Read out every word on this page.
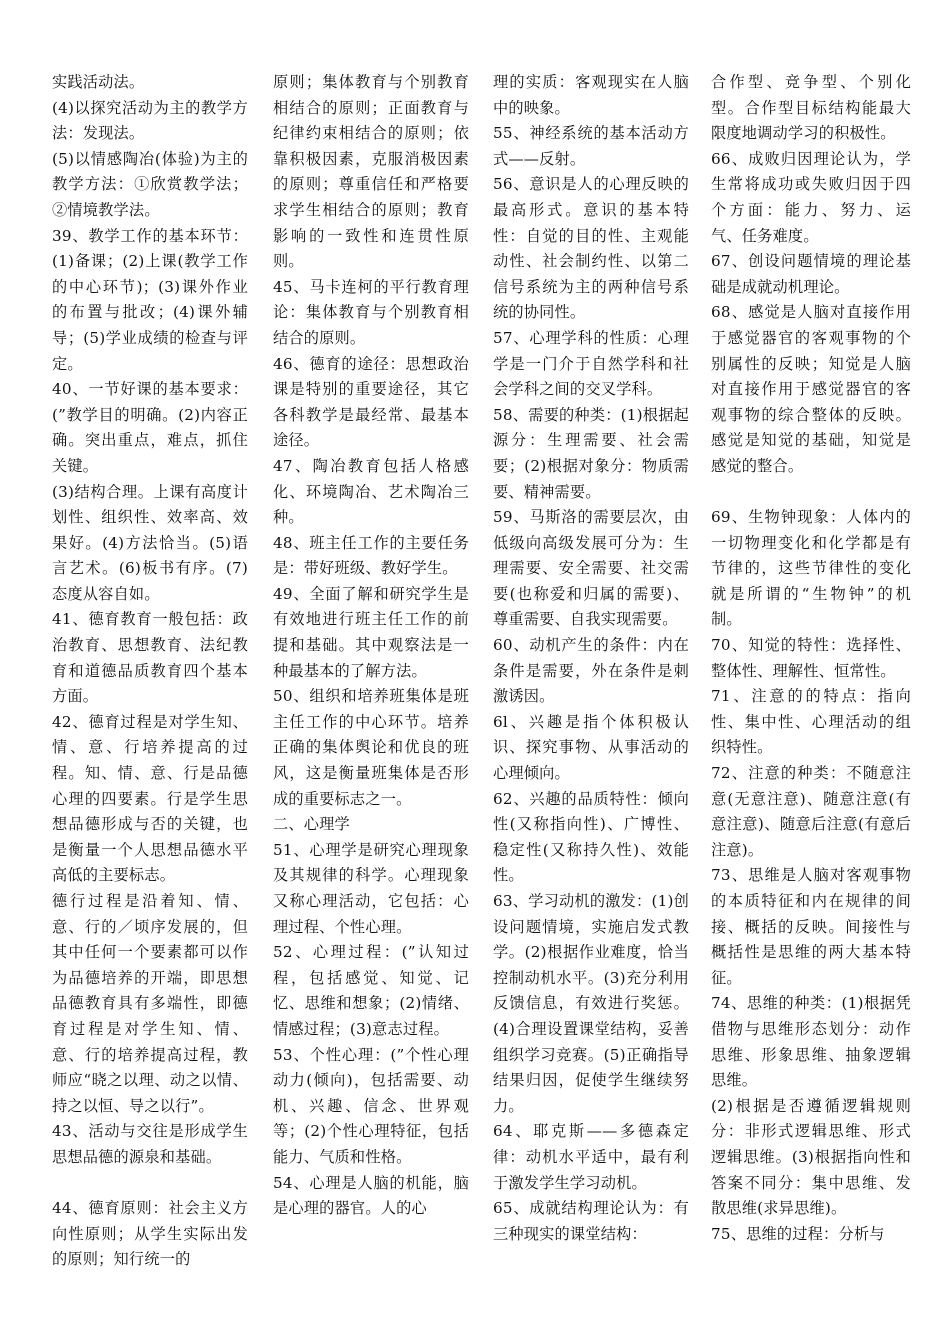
实践活动法。

(4)以探究活动为主的教学方法：发现法。

(5)以情感陶冶(体验)为主的教学方法：①欣赏教学法；②情境教学法。

39、教学工作的基本环节：(1)备课；(2)上课(教学工作的中心环节)；(3)课外作业的布置与批改；(4)课外辅导；(5)学业成绩的检查与评定。

40、一节好课的基本要求：(”教学目的明确。(2)内容正确。突出重点，难点，抓住关键。

(3)结构合理。上课有高度计划性、组织性、效率高、效果好。(4)方法恰当。(5)语言艺术。(6)板书有序。(7)态度从容自如。

41、德育教育一般包括：政治教育、思想教育、法纪教育和道德品质教育四个基本方面。

42、德育过程是对学生知、情、意、行培养提高的过程。知、情、意、行是品德心理的四要素。行是学生思想品德形成与否的关键，也是衡量一个人思想品德水平高低的主要标志。

德行过程是沿着知、情、意、行的／顷序发展的，但其中任何一个要素都可以作为品德培养的开端，即思想品德教育具有多端性，即德育过程是对学生知、情、意、行的培养提高过程，教师应“晓之以理、动之以情、持之以恒、导之以行”。

43、活动与交往是形成学生思想品德的源泉和基础。

44、德育原则：社会主义方向性原则；从学生实际出发的原则；知行统一的

原则；集体教育与个别教育相结合的原则；正面教育与纪律约束相结合的原则；依靠积极因素，克服消极因素的原则；尊重信任和严格要求学生相结合的原则；教育影响的一致性和连贯性原则。

45、马卡连柯的平行教育理论：集体教育与个别教育相结合的原则。

46、德育的途径：思想政治课是特别的重要途径，其它各科教学是最经常、最基本途径。

47、陶冶教育包括人格感化、环境陶冶、艺术陶冶三种。

48、班主任工作的主要任务是：带好班级、教好学生。

49、全面了解和研究学生是有效地进行班主任工作的前提和基础。其中观察法是一种最基本的了解方法。

50、组织和培养班集体是班主任工作的中心环节。培养正确的集体舆论和优良的班风，这是衡量班集体是否形成的重要标志之一。

二、心理学

51、心理学是研究心理现象及其规律的科学。心理现象又称心理活动，它包括：心理过程、个性心理。

52、心理过程：(”认知过程，包括感觉、知觉、记忆、思维和想象；(2)情绪、情感过程；(3)意志过程。

53、个性心理：(”个性心理动力(倾向)，包括需要、动机、兴趣、信念、世界观等；(2)个性心理特征，包括能力、气质和性格。

54、心理是人脑的机能，脑是心理的器官。人的心

理的实质：客观现实在人脑中的映象。

55、神经系统的基本活动方式——反射。

56、意识是人的心理反映的最高形式。意识的基本特性：自觉的目的性、主观能动性、社会制约性、以第二信号系统为主的两种信号系统的协同性。

57、心理学科的性质：心理学是一门介于自然学科和社会学科之间的交叉学科。

58、需要的种类：(1)根据起源分：生理需要、社会需要；(2)根据对象分：物质需要、精神需要。

59、马斯洛的需要层次，由低级向高级发展可分为：生理需要、安全需要、社交需要(也称爱和归属的需要)、尊重需要、自我实现需要。

60、动机产生的条件：内在条件是需要，外在条件是刺激诱因。

6l、兴趣是指个体积极认识、探究事物、从事活动的心理倾向。

62、兴趣的品质特性：倾向性(又称指向性)、广博性、稳定性(又称持久性)、效能性。

63、学习动机的激发：(1)创设问题情境，实施启发式教学。(2)根据作业难度，恰当控制动机水平。(3)充分利用反馈信息，有效进行奖惩。(4)合理设置课堂结构，妥善组织学习竞赛。(5)正确指导结果归因，促使学生继续努力。

64、耶克斯——多德森定律：动机水平适中，最有利于激发学生学习动机。

65、成就结构理论认为：有三种现实的课堂结构：

合作型、竞争型、个别化型。合作型目标结构能最大限度地调动学习的积极性。

66、成败归因理论认为，学生常将成功或失败归因于四个方面：能力、努力、运气、任务难度。

67、创设问题情境的理论基础是成就动机理论。

68、感觉是人脑对直接作用于感觉器官的客观事物的个别属性的反映；知觉是人脑对直接作用于感觉器官的客观事物的综合整体的反映。感觉是知觉的基础，知觉是感觉的整合。

69、生物钟现象：人体内的一切物理变化和化学都是有节律的，这些节律性的变化就是所谓的“生物钟”的机制。

70、知觉的特性：选择性、整体性、理解性、恒常性。

71、注意的的特点：指向性、集中性、心理活动的组织特性。

72、注意的种类：不随意注意(无意注意)、随意注意(有意注意)、随意后注意(有意后注意)。

73、思维是人脑对客观事物的本质特征和内在规律的间接、概括的反映。间接性与概括性是思维的两大基本特征。

74、思维的种类：(1)根据凭借物与思维形态划分：动作思维、形象思维、抽象逻辑思维。

(2)根据是否遵循逻辑规则分：非形式逻辑思维、形式逻辑思维。(3)根据指向性和答案不同分：集中思维、发散思维(求异思维)。

75、思维的过程：分析与
